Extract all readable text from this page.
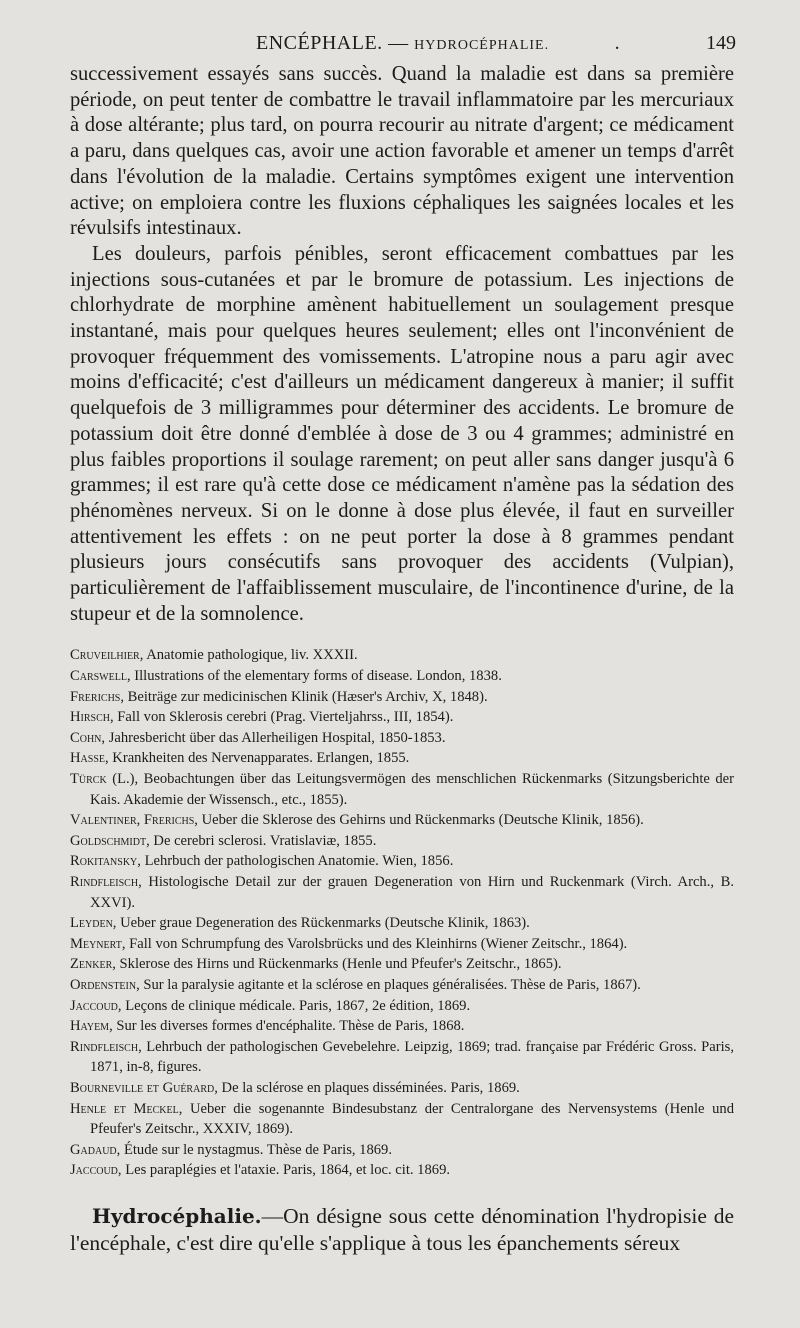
ENCÉPHALE. — HYDROCÉPHALIE.	.	149

successivement essayés sans succès. Quand la maladie est dans sa première période, on peut tenter de combattre le travail inflammatoire par les mercuriaux à dose altérante; plus tard, on pourra recourir au nitrate d'argent; ce médicament a paru, dans quelques cas, avoir une action favorable et amener un temps d'arrêt dans l'évolution de la maladie. Certains symptômes exigent une intervention active; on emploiera contre les fluxions céphaliques les saignées locales et les révulsifs intestinaux.

Les douleurs, parfois pénibles, seront efficacement combattues par les injections sous-cutanées et par le bromure de potassium. Les injections de chlorhydrate de morphine amènent habituellement un soulagement presque instantané, mais pour quelques heures seulement; elles ont l'inconvénient de provoquer fréquemment des vomissements. L'atropine nous a paru agir avec moins d'efficacité; c'est d'ailleurs un médicament dangereux à manier; il suffit quelquefois de 3 milligrammes pour déterminer des accidents. Le bromure de potassium doit être donné d'emblée à dose de 3 ou 4 grammes; administré en plus faibles proportions il soulage rarement; on peut aller sans danger jusqu'à 6 grammes; il est rare qu'à cette dose ce médicament n'amène pas la sédation des phénomènes nerveux. Si on le donne à dose plus élevée, il faut en surveiller attentivement les effets : on ne peut porter la dose à 8 grammes pendant plusieurs jours consécutifs sans provoquer des accidents (Vulpian), particulièrement de l'affaiblissement musculaire, de l'incontinence d'urine, de la stupeur et de la somnolence.

Cruveilhier, Anatomie pathologique, liv. XXXII.
Carswell, Illustrations of the elementary forms of disease. London, 1838.
Frerichs, Beiträge zur medicinischen Klinik (Hæser's Archiv, X, 1848).
Hirsch, Fall von Sklerosis cerebri (Prag. Vierteljahrss., III, 1854).
Cohn, Jahresbericht über das Allerheiligen Hospital, 1850-1853.
Hasse, Krankheiten des Nervenapparates. Erlangen, 1855.
Türck (L.), Beobachtungen über das Leitungsvermögen des menschlichen Rückenmarks (Sitzungsberichte der Kais. Akademie der Wissensch., etc., 1855).
Valentiner, Frerichs, Ueber die Sklerose des Gehirns und Rückenmarks (Deutsche Klinik, 1856).
Goldschmidt, De cerebri sclerosi. Vratislaviæ, 1855.
Rokitansky, Lehrbuch der pathologischen Anatomie. Wien, 1856.
Rindfleisch, Histologische Detail zur der grauen Degeneration von Hirn und Ruckenmark (Virch. Arch., B. XXVI).
Leyden, Ueber graue Degeneration des Rückenmarks (Deutsche Klinik, 1863).
Meynert, Fall von Schrumpfung des Varolsbrücks und des Kleinhirns (Wiener Zeitschr., 1864).
Zenker, Sklerose des Hirns und Rückenmarks (Henle und Pfeufer's Zeitschr., 1865).
Ordenstein, Sur la paralysie agitante et la sclérose en plaques généralisées. Thèse de Paris, 1867).
Jaccoud, Leçons de clinique médicale. Paris, 1867, 2e édition, 1869.
Hayem, Sur les diverses formes d'encéphalite. Thèse de Paris, 1868.
Rindfleisch, Lehrbuch der pathologischen Gevebelehre. Leipzig, 1869; trad. française par Frédéric Gross. Paris, 1871, in-8, figures.
Bourneville et Guérard, De la sclérose en plaques disséminées. Paris, 1869.
Henle et Meckel, Ueber die sogenannte Bindesubstanz der Centralorgane des Nervensystems (Henle und Pfeufer's Zeitschr., XXXIV, 1869).
Gadaud, Étude sur le nystagmus. Thèse de Paris, 1869.
Jaccoud, Les paraplégies et l'ataxie. Paris, 1864, et loc. cit. 1869.

Hydrocéphalie.—On désigne sous cette dénomination l'hydropisie de l'encéphale, c'est dire qu'elle s'applique à tous les épanchements séreux
